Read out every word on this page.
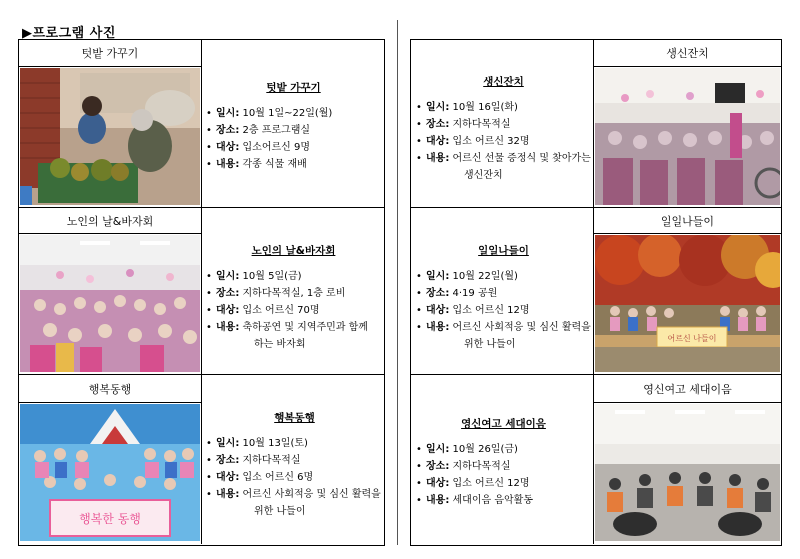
▶프로그램 사진
텃밭 가꾸기
노인의 날&바자회
행복동행
생신잔치
일일나들이
영신여고 세대이음
행복한 동행
어르신 나들이
텃밭 가꾸기
• 일시: 10월 1일~22일(월)
• 장소: 2층 프로그램실
• 대상: 입소어르신 9명
• 내용: 각종 식물 재배
노인의 날&바자회
• 일시: 10월 5일(금)
• 장소: 지하다목적실, 1층 로비
• 대상: 입소 어르신 70명
• 내용: 축하공연 및 지역주민과 함께
하는 바자회
행복동행
• 일시: 10월 13일(토)
• 장소: 지하다목적실
• 대상: 입소 어르신 6명
• 내용: 어르신 사회적응 및 심신 활력을
위한 나들이
생신잔치
• 일시: 10월 16일(화)
• 장소: 지하다목적실
• 대상: 입소 어르신 32명
• 내용: 어르신 선물 증정식 및 찾아가는
생신잔치
일일나들이
• 일시: 10월 22일(월)
• 장소: 4·19 공원
• 대상: 입소 어르신 12명
• 내용: 어르신 사회적응 및 심신 활력을
위한 나들이
영신여고 세대이음
• 일시: 10월 26일(금)
• 장소: 지하다목적실
• 대상: 입소 어르신 12명
• 내용: 세대이음 음악활동
